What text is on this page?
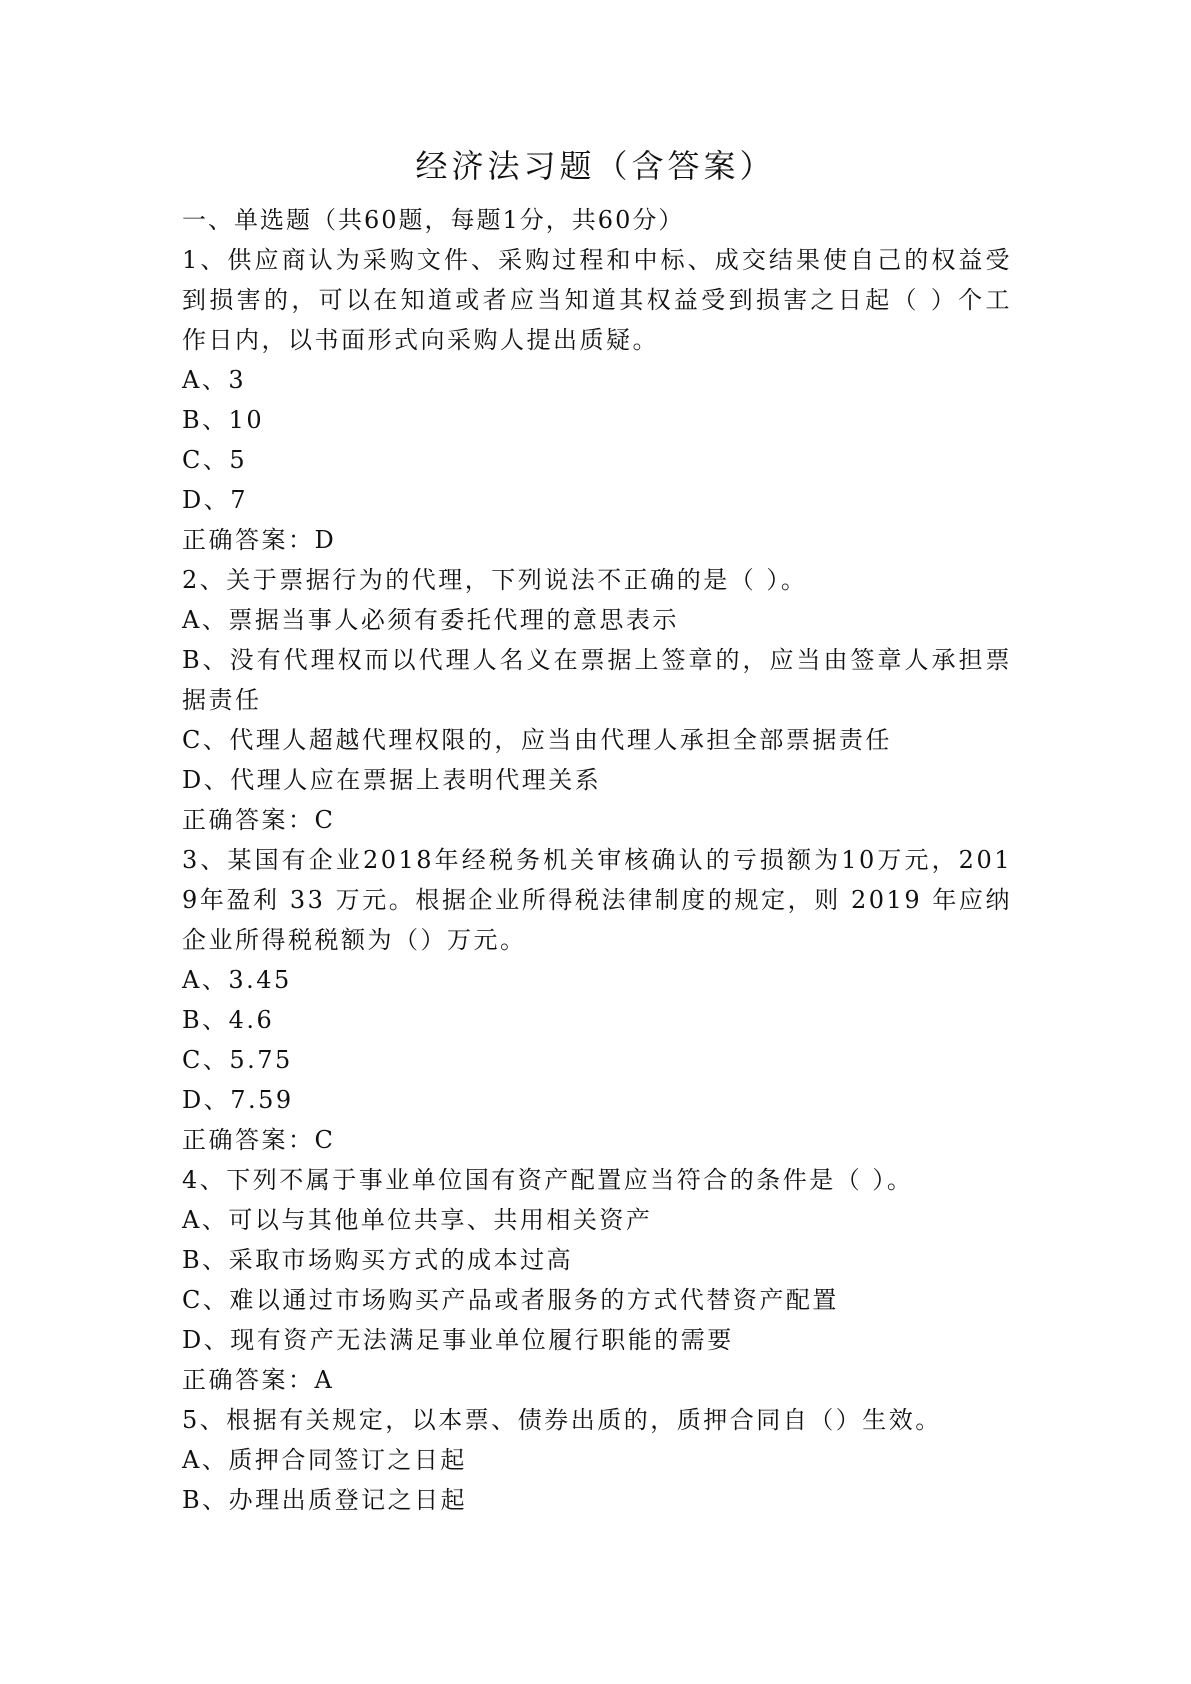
经济法习题（含答案）
一、单选题（共60题，每题1分，共60分）
1、供应商认为采购文件、采购过程和中标、成交结果使自己的权益受到损害的，可以在知道或者应当知道其权益受到损害之日起（ ）个工作日内，以书面形式向采购人提出质疑。
A、3
B、10
C、5
D、7
正确答案：D
2、关于票据行为的代理，下列说法不正确的是（ ）。
A、票据当事人必须有委托代理的意思表示
B、没有代理权而以代理人名义在票据上签章的，应当由签章人承担票据责任
C、代理人超越代理权限的，应当由代理人承担全部票据责任
D、代理人应在票据上表明代理关系
正确答案：C
3、某国有企业2018年经税务机关审核确认的亏损额为10万元，2019年盈利 33 万元。根据企业所得税法律制度的规定，则 2019 年应纳企业所得税税额为（）万元。
A、3.45
B、4.6
C、5.75
D、7.59
正确答案：C
4、下列不属于事业单位国有资产配置应当符合的条件是（ ）。
A、可以与其他单位共享、共用相关资产
B、采取市场购买方式的成本过高
C、难以通过市场购买产品或者服务的方式代替资产配置
D、现有资产无法满足事业单位履行职能的需要
正确答案：A
5、根据有关规定，以本票、债券出质的，质押合同自（）生效。
A、质押合同签订之日起
B、办理出质登记之日起
